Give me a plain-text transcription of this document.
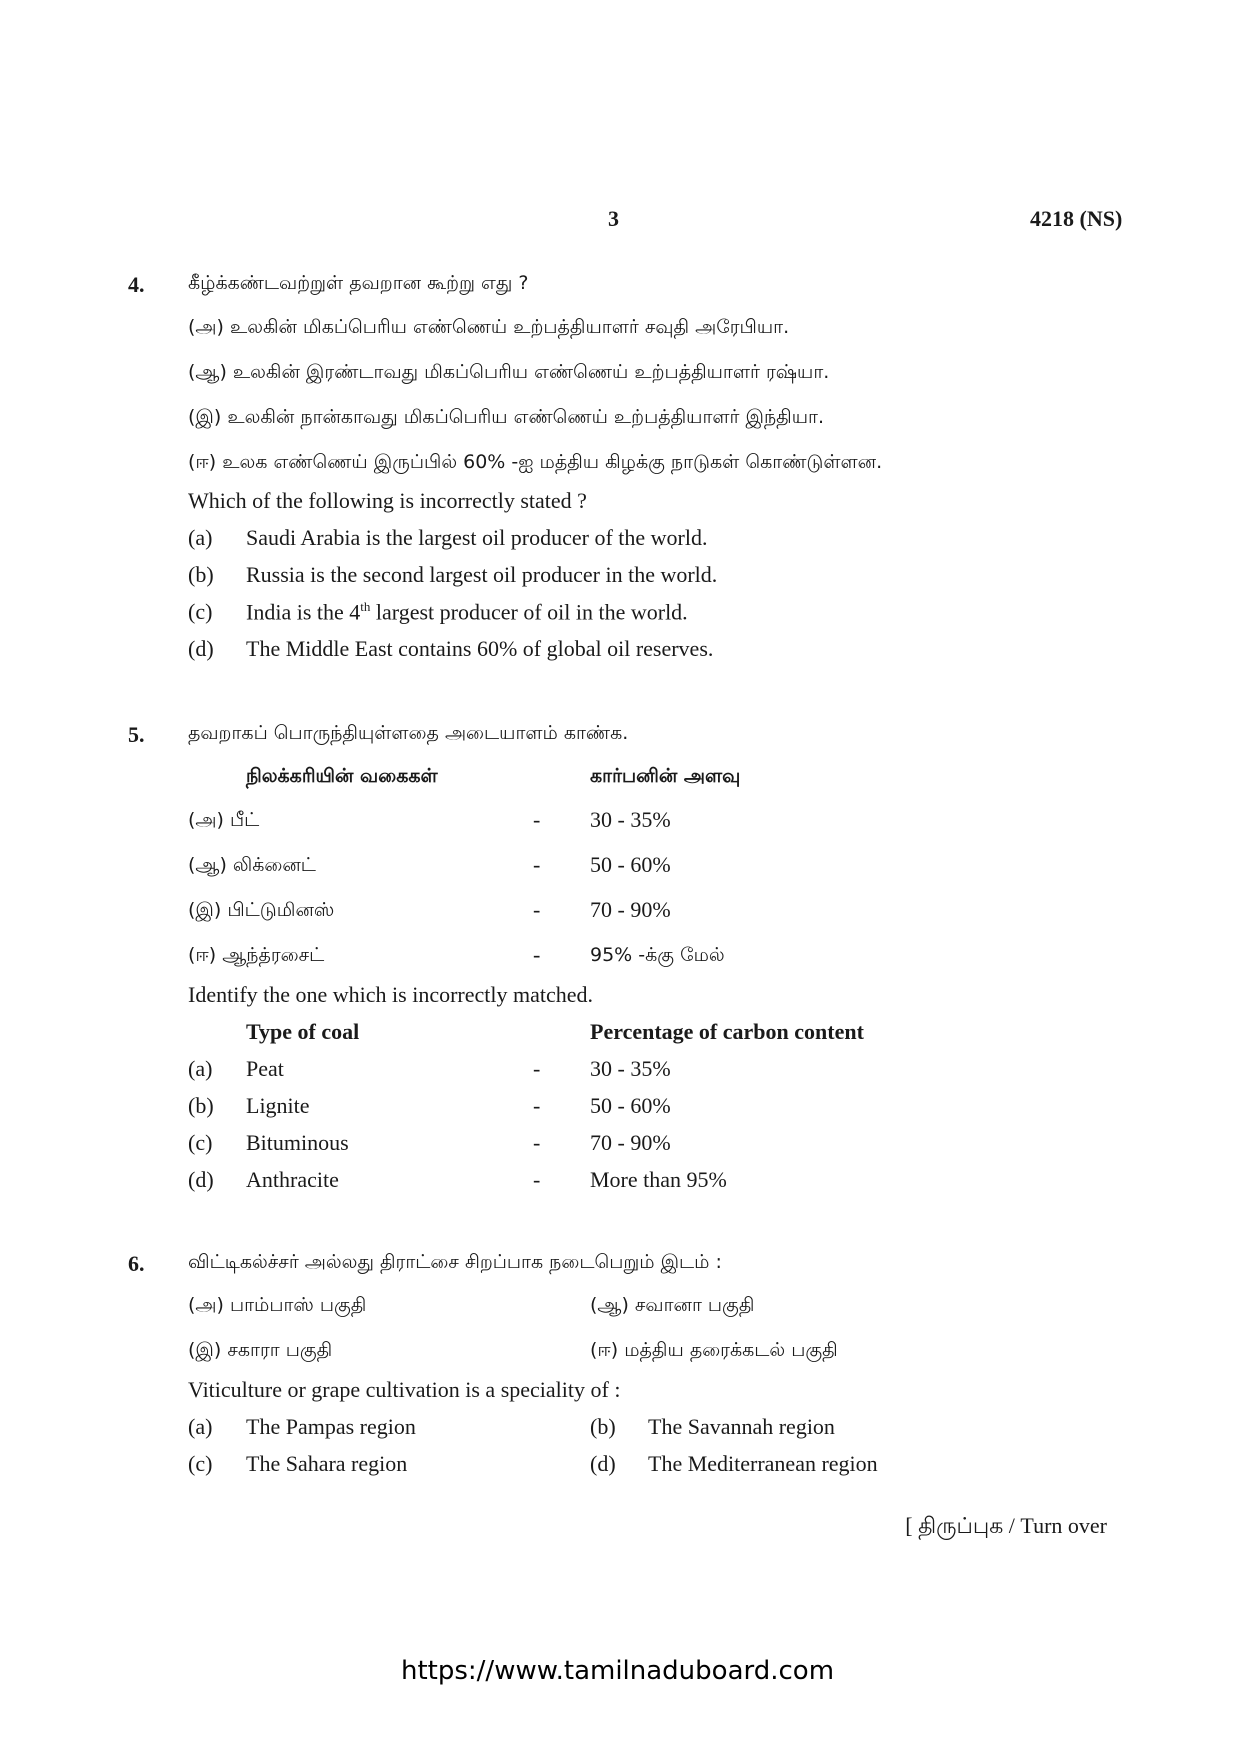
3	4218 (NS)
4. கீழ்க்கண்டவற்றுள் தவறான கூற்று எது ?
(அ) உலகின் மிகப்பெரிய எண்ணெய் உற்பத்தியாளர் சவுதி அரேபியா.
(ஆ) உலகின் இரண்டாவது மிகப்பெரிய எண்ணெய் உற்பத்தியாளர் ரஷ்யா.
(இ) உலகின் நான்காவது மிகப்பெரிய எண்ணெய் உற்பத்தியாளர் இந்தியா.
(ஈ) உலக எண்ணெய் இருப்பில் 60% -ஐ மத்திய கிழக்கு நாடுகள் கொண்டுள்ளன.
Which of the following is incorrectly stated ?
(a) Saudi Arabia is the largest oil producer of the world.
(b) Russia is the second largest oil producer in the world.
(c) India is the 4th largest producer of oil in the world.
(d) The Middle East contains 60% of global oil reserves.
5. தவறாகப் பொருந்தியுள்ளதை அடையாளம் காண்க.
நிலக்கரியின் வகைகள்	கார்பனின் அளவு
(அ) பீட்	- 30 - 35%
(ஆ) லிக்னைட்	- 50 - 60%
(இ) பிட்டுமினஸ்	- 70 - 90%
(ஈ) ஆந்த்ரசைட்	-	95% -க்கு மேல்
Identify the one which is incorrectly matched.
Type of coal	Percentage of carbon content
(a) Peat	- 30 - 35%
(b) Lignite	- 50 - 60%
(c) Bituminous	- 70 - 90%
(d) Anthracite	- More than 95%
6. விட்டிகல்ச்சர் அல்லது திராட்சை சிறப்பாக நடைபெறும் இடம் :
(அ) பாம்பாஸ் பகுதி	(ஆ) சவானா பகுதி
(இ) சகாரா பகுதி	(ஈ) மத்திய தரைக்கடல் பகுதி
Viticulture or grape cultivation is a speciality of :
(a) The Pampas region	(b) The Savannah region
(c) The Sahara region	(d) The Mediterranean region
[ திருப்புக / Turn over
https://www.tamilnaduboard.com
